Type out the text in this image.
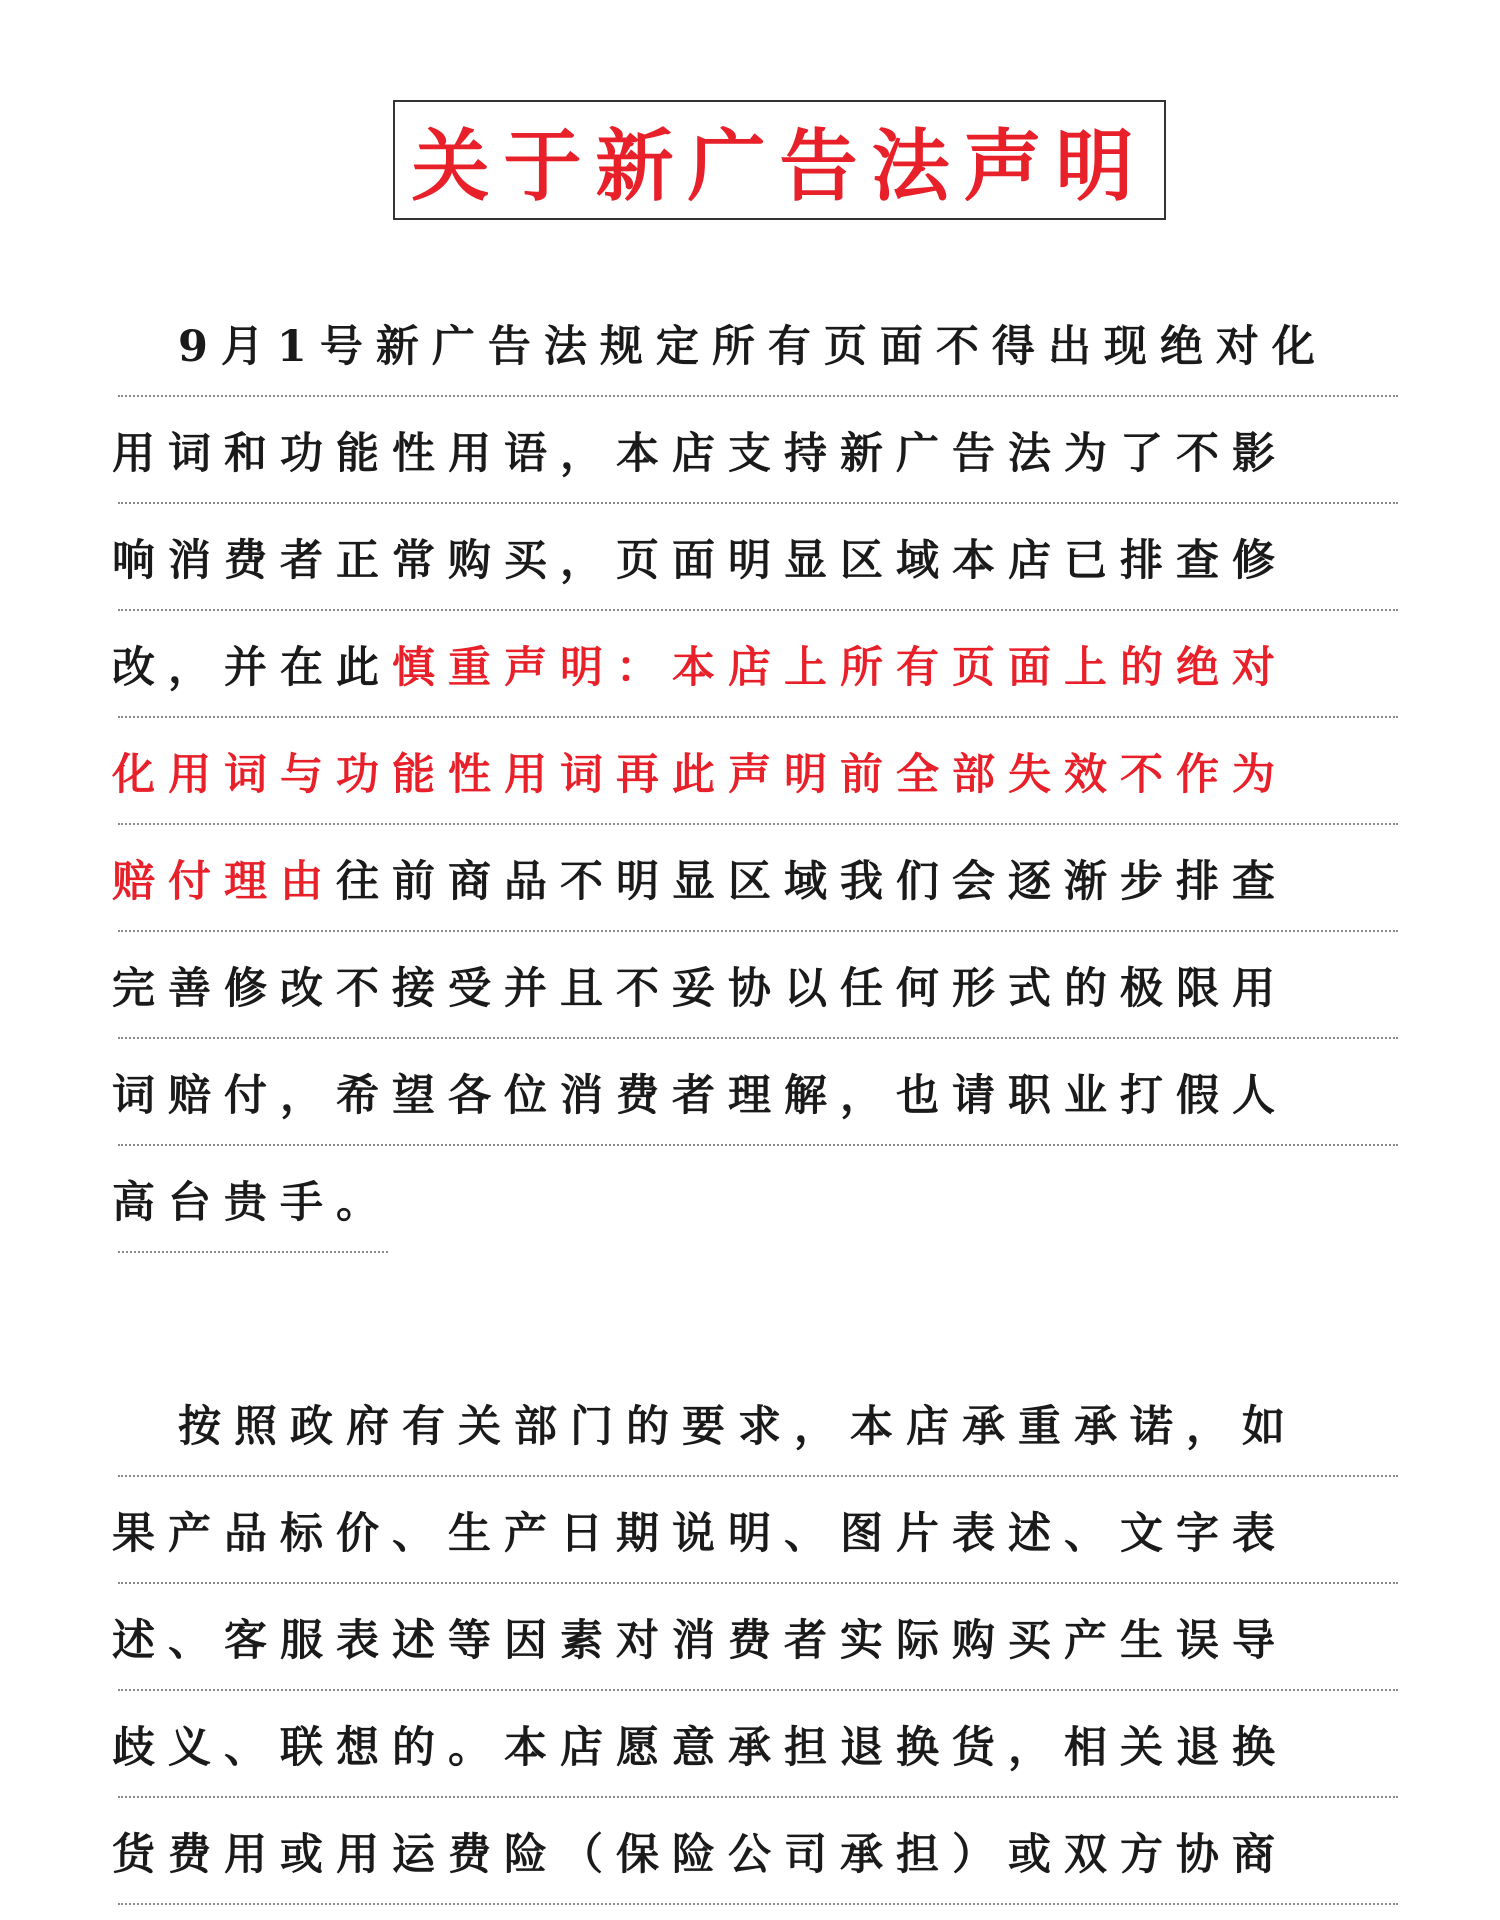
关于新广告法声明
9月1号新广告法规定所有页面不得出现绝对化
用词和功能性用语，本店支持新广告法为了不影
响消费者正常购买，页面明显区域本店已排查修
改，并在此慎重声明：本店上所有页面上的绝对
化用词与功能性用词再此声明前全部失效不作为
赔付理由往前商品不明显区域我们会逐渐步排查
完善修改不接受并且不妥协以任何形式的极限用
词赔付，希望各位消费者理解，也请职业打假人
高台贵手。
按照政府有关部门的要求，本店承重承诺，如
果产品标价、生产日期说明、图片表述、文字表
述、客服表述等因素对消费者实际购买产生误导
歧义、联想的。本店愿意承担退换货，相关退换
货费用或用运费险（保险公司承担）或双方协商
